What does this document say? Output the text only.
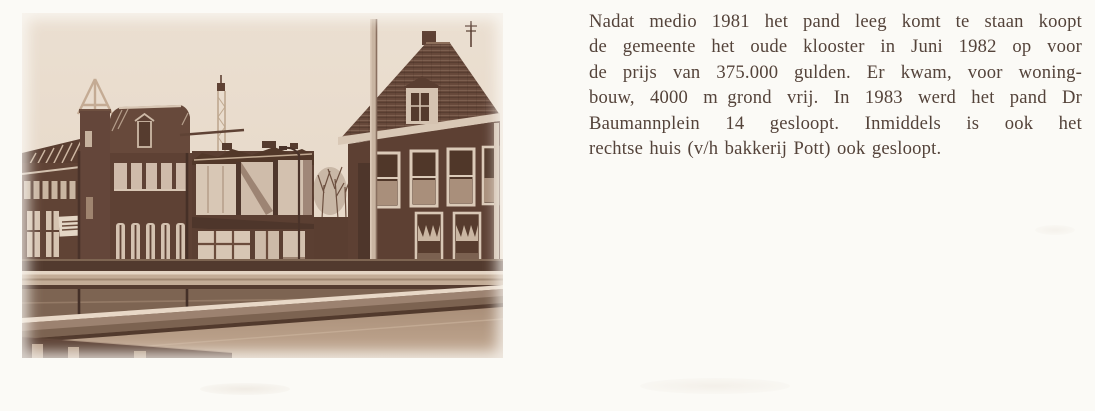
Nadat medio 1981 het pand leeg komt te staan koopt
de gemeente het oude klooster in Juni 1982 op voor
de prijs van 375.000 gulden. Er kwam, voor woning-
bouw, 4000 m grond vrij. In 1983 werd het pand Dr
Baumannplein 14 gesloopt. Inmiddels is ook het
rechtse huis (v/h bakkerij Pott) ook gesloopt.
